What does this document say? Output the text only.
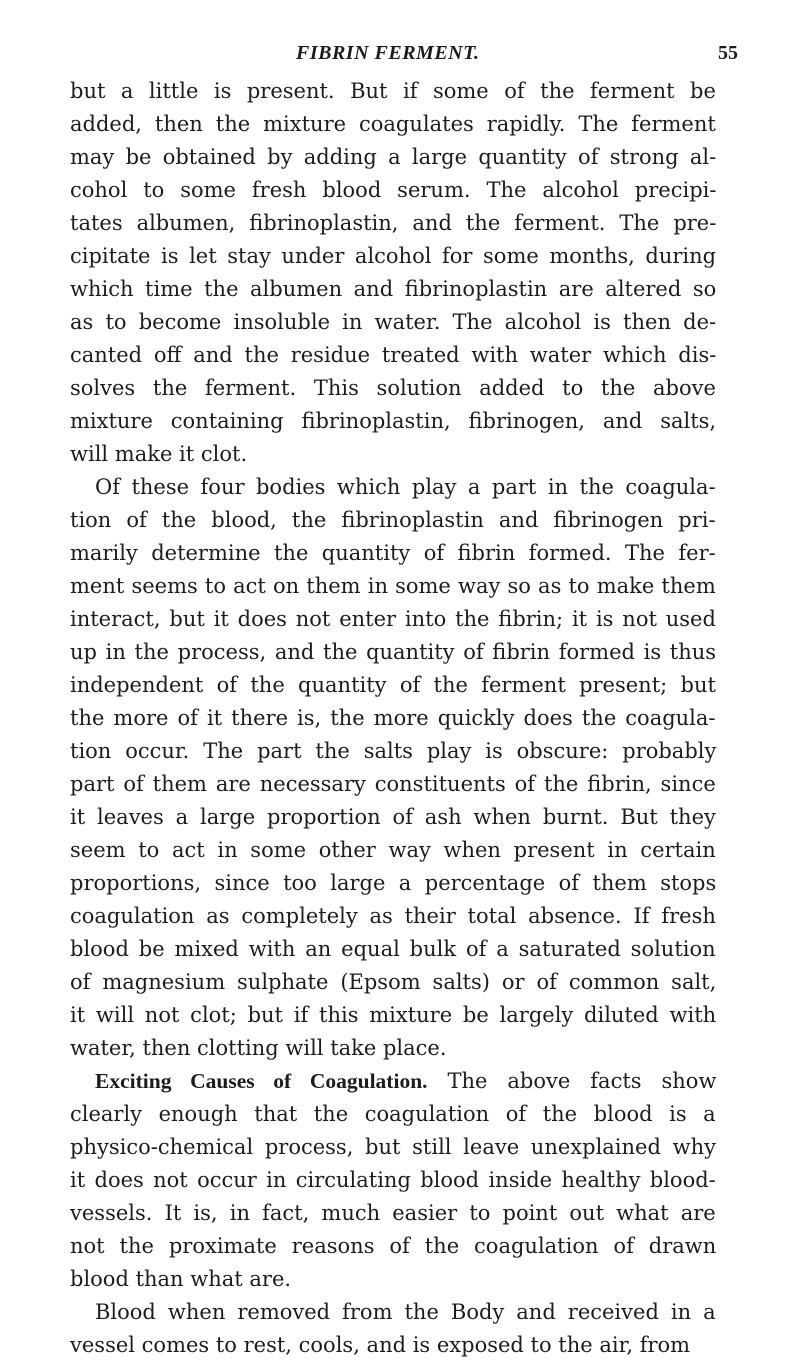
FIBRIN FERMENT.	55
but a little is present. But if some of the ferment be
added, then the mixture coagulates rapidly. The ferment
may be obtained by adding a large quantity of strong al-
cohol to some fresh blood serum. The alcohol precipi-
tates albumen, fibrinoplastin, and the ferment. The pre-
cipitate is let stay under alcohol for some months, during
which time the albumen and fibrinoplastin are altered so
as to become insoluble in water. The alcohol is then de-
canted off and the residue treated with water which dis-
solves the ferment. This solution added to the above
mixture containing fibrinoplastin, fibrinogen, and salts,
will make it clot.
Of these four bodies which play a part in the coagula-
tion of the blood, the fibrinoplastin and fibrinogen pri-
marily determine the quantity of fibrin formed. The fer-
ment seems to act on them in some way so as to make them
interact, but it does not enter into the fibrin; it is not used
up in the process, and the quantity of fibrin formed is thus
independent of the quantity of the ferment present; but
the more of it there is, the more quickly does the coagula-
tion occur. The part the salts play is obscure: probably
part of them are necessary constituents of the fibrin, since
it leaves a large proportion of ash when burnt. But they
seem to act in some other way when present in certain
proportions, since too large a percentage of them stops
coagulation as completely as their total absence. If fresh
blood be mixed with an equal bulk of a saturated solution
of magnesium sulphate (Epsom salts) or of common salt,
it will not clot; but if this mixture be largely diluted with
water, then clotting will take place.
Exciting Causes of Coagulation. The above facts show
clearly enough that the coagulation of the blood is a
physico-chemical process, but still leave unexplained why
it does not occur in circulating blood inside healthy blood-
vessels. It is, in fact, much easier to point out what are
not the proximate reasons of the coagulation of drawn
blood than what are.
Blood when removed from the Body and received in a
vessel comes to rest, cools, and is exposed to the air, from
